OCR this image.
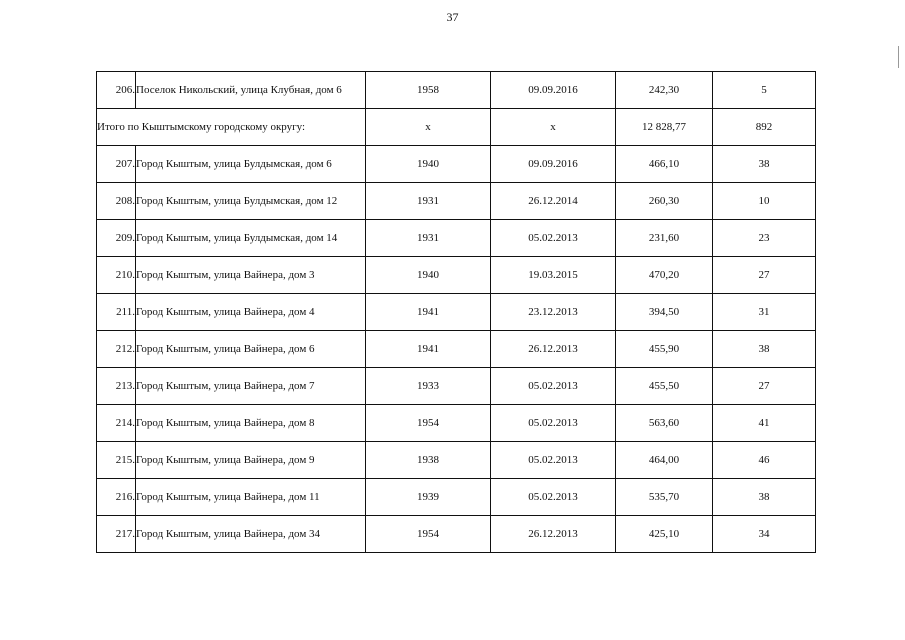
37
206.	Поселок Никольский, улица Клубная, дом 6	1958	09.09.2016	242,30	5
Итого по Кыштымскому городскому округу:		х	х	12 828,77	892
207.	Город Кыштым, улица Булдымская, дом 6	1940	09.09.2016	466,10	38
208.	Город Кыштым, улица Булдымская, дом 12	1931	26.12.2014	260,30	10
209.	Город Кыштым, улица Булдымская, дом 14	1931	05.02.2013	231,60	23
210.	Город Кыштым, улица Вайнера, дом 3	1940	19.03.2015	470,20	27
211.	Город Кыштым, улица Вайнера, дом 4	1941	23.12.2013	394,50	31
212.	Город Кыштым, улица Вайнера, дом 6	1941	26.12.2013	455,90	38
213.	Город Кыштым, улица Вайнера, дом 7	1933	05.02.2013	455,50	27
214.	Город Кыштым, улица Вайнера, дом 8	1954	05.02.2013	563,60	41
215.	Город Кыштым, улица Вайнера, дом 9	1938	05.02.2013	464,00	46
216.	Город Кыштым, улица Вайнера, дом 11	1939	05.02.2013	535,70	38
217.	Город Кыштым, улица Вайнера, дом 34	1954	26.12.2013	425,10	34
